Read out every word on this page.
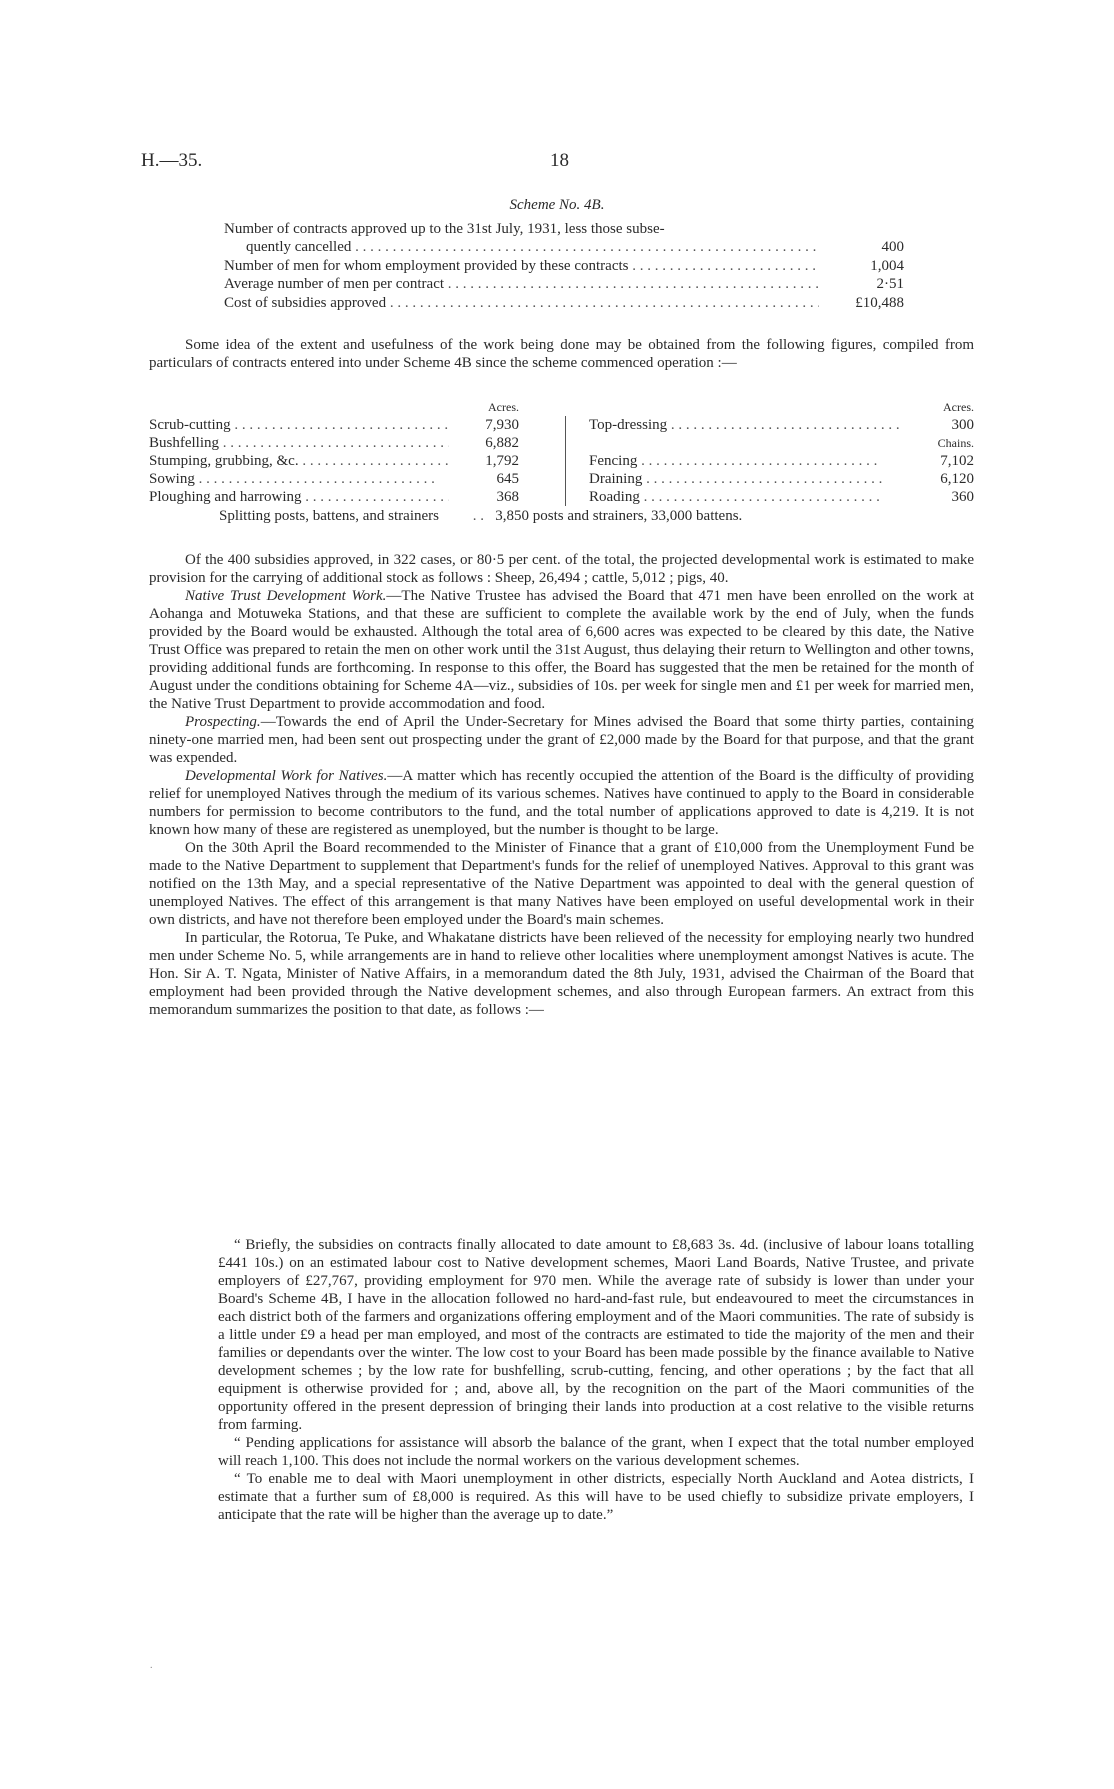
H.—35.	18
Scheme No. 4B.
Number of contracts approved up to the 31st July, 1931, less those subse-
quently cancelled . . .	400
Number of men for whom employment provided by these contracts . . .	1,004
Average number of men per contract . . .	2·51
Cost of subsidies approved . . .	£10,488

Some idea of the extent and usefulness of the work being done may be obtained from the following figures, compiled from particulars of contracts entered into under Scheme 4B since the scheme commenced operation :—

Acres.
Scrub-cutting . . .	7,930
Bushfelling . . .	6,882
Stumping, grubbing, &c. . . .	1,792
Sowing . . .	645
Ploughing and harrowing . . .	368
Acres.
Top-dressing . . .	300
Chains.
Fencing . . .	7,102
Draining . . .	6,120
Roading . . .	360
Splitting posts, battens, and strainers         . .   3,850 posts and strainers, 33,000 battens.

Of the 400 subsidies approved, in 322 cases, or 80·5 per cent. of the total, the projected developmental work is estimated to make provision for the carrying of additional stock as follows : Sheep, 26,494 ; cattle, 5,012 ; pigs, 40.

Native Trust Development Work.—The Native Trustee has advised the Board that 471 men have been enrolled on the work at Aohanga and Motuweka Stations, and that these are sufficient to complete the available work by the end of July, when the funds provided by the Board would be exhausted. Although the total area of 6,600 acres was expected to be cleared by this date, the Native Trust Office was prepared to retain the men on other work until the 31st August, thus delaying their return to Wellington and other towns, providing additional funds are forthcoming. In response to this offer, the Board has suggested that the men be retained for the month of August under the conditions obtaining for Scheme 4A—viz., subsidies of 10s. per week for single men and £1 per week for married men, the Native Trust Department to provide accommodation and food.

Prospecting.—Towards the end of April the Under-Secretary for Mines advised the Board that some thirty parties, containing ninety-one married men, had been sent out prospecting under the grant of £2,000 made by the Board for that purpose, and that the grant was expended.

Developmental Work for Natives.—A matter which has recently occupied the attention of the Board is the difficulty of providing relief for unemployed Natives through the medium of its various schemes. Natives have continued to apply to the Board in considerable numbers for permission to become contributors to the fund, and the total number of applications approved to date is 4,219. It is not known how many of these are registered as unemployed, but the number is thought to be large.

On the 30th April the Board recommended to the Minister of Finance that a grant of £10,000 from the Unemployment Fund be made to the Native Department to supplement that Department's funds for the relief of unemployed Natives. Approval to this grant was notified on the 13th May, and a special representative of the Native Department was appointed to deal with the general question of unemployed Natives. The effect of this arrangement is that many Natives have been employed on useful developmental work in their own districts, and have not therefore been employed under the Board's main schemes.

In particular, the Rotorua, Te Puke, and Whakatane districts have been relieved of the necessity for employing nearly two hundred men under Scheme No. 5, while arrangements are in hand to relieve other localities where unemployment amongst Natives is acute. The Hon. Sir A. T. Ngata, Minister of Native Affairs, in a memorandum dated the 8th July, 1931, advised the Chairman of the Board that employment had been provided through the Native development schemes, and also through European farmers. An extract from this memorandum summarizes the position to that date, as follows :—

“ Briefly, the subsidies on contracts finally allocated to date amount to £8,683 3s. 4d. (inclusive of labour loans totalling £441 10s.) on an estimated labour cost to Native development schemes, Maori Land Boards, Native Trustee, and private employers of £27,767, providing employment for 970 men. While the average rate of subsidy is lower than under your Board's Scheme 4B, I have in the allocation followed no hard-and-fast rule, but endeavoured to meet the circumstances in each district both of the farmers and organizations offering employment and of the Maori communities. The rate of subsidy is a little under £9 a head per man employed, and most of the contracts are estimated to tide the majority of the men and their families or dependants over the winter. The low cost to your Board has been made possible by the finance available to Native development schemes ; by the low rate for bushfelling, scrub-cutting, fencing, and other operations ; by the fact that all equipment is otherwise provided for ; and, above all, by the recognition on the part of the Maori communities of the opportunity offered in the present depression of bringing their lands into production at a cost relative to the visible returns from farming.

“ Pending applications for assistance will absorb the balance of the grant, when I expect that the total number employed will reach 1,100. This does not include the normal workers on the various development schemes.

“ To enable me to deal with Maori unemployment in other districts, especially North Auckland and Aotea districts, I estimate that a further sum of £8,000 is required. As this will have to be used chiefly to subsidize private employers, I anticipate that the rate will be higher than the average up to date.”

.
